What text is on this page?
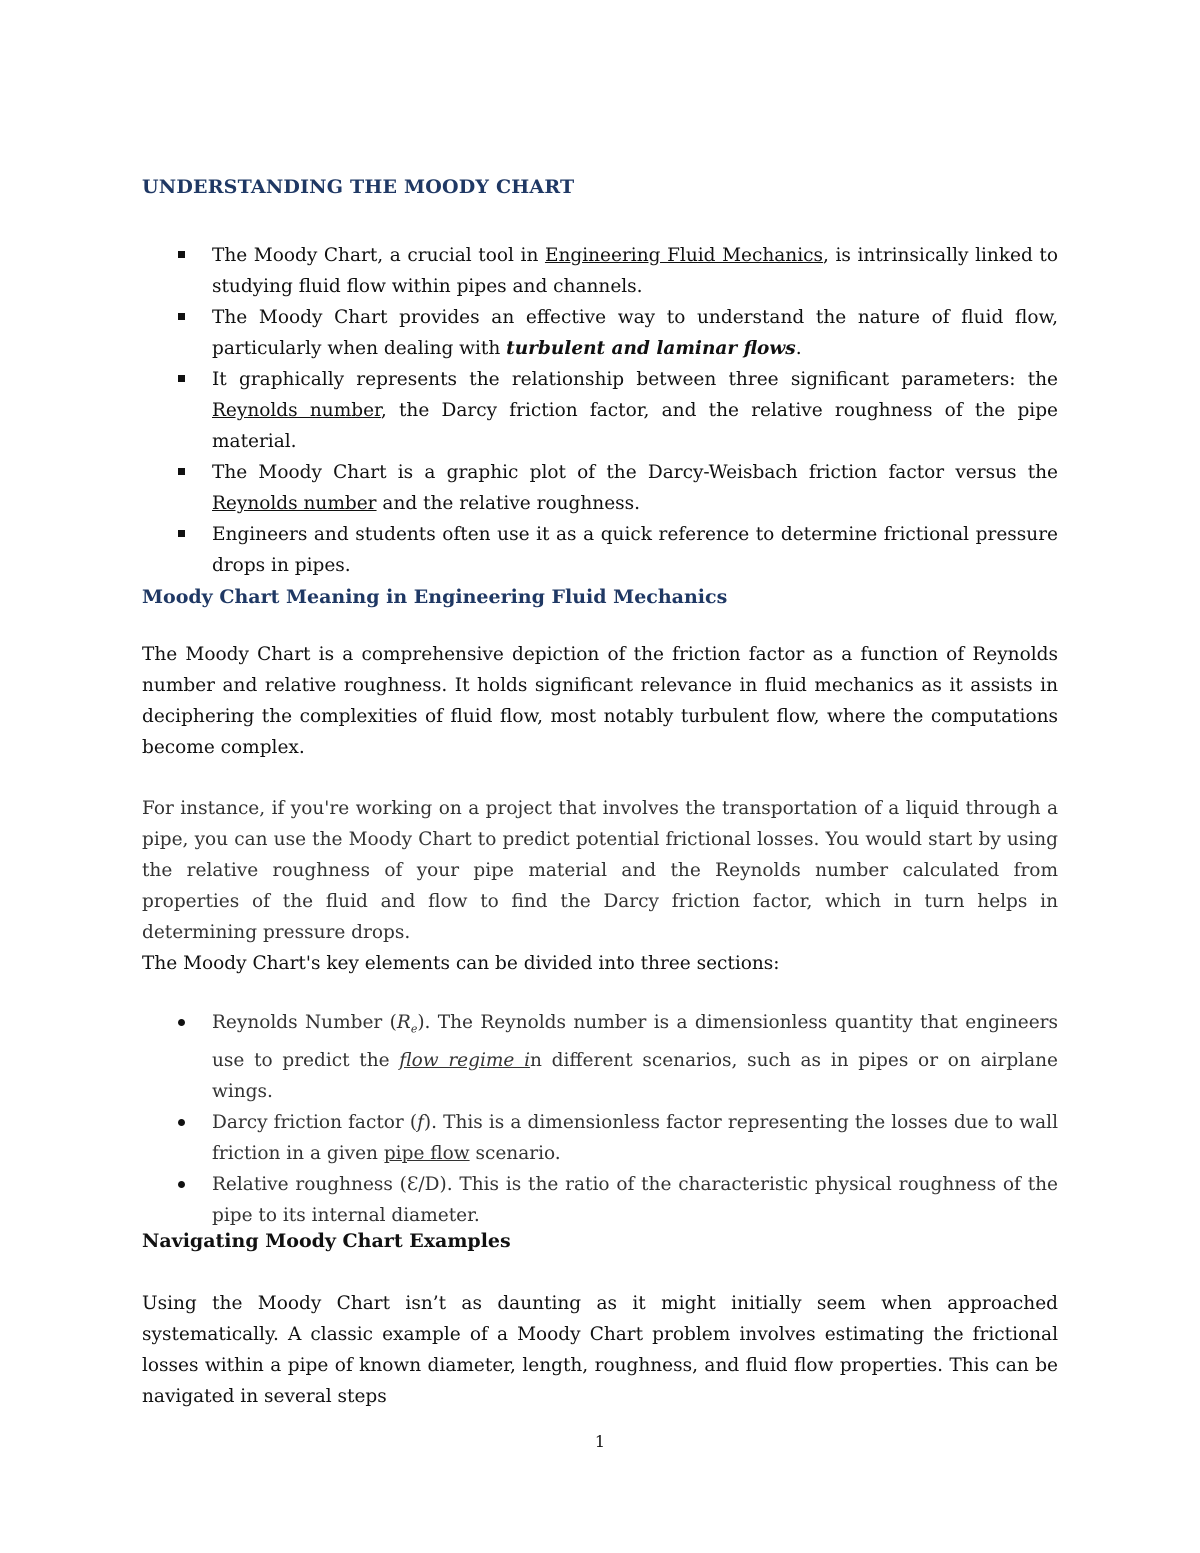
UNDERSTANDING THE MOODY CHART
The Moody Chart, a crucial tool in Engineering Fluid Mechanics, is intrinsically linked to studying fluid flow within pipes and channels.
The Moody Chart provides an effective way to understand the nature of fluid flow, particularly when dealing with turbulent and laminar flows.
It graphically represents the relationship between three significant parameters: the Reynolds number, the Darcy friction factor, and the relative roughness of the pipe material.
The Moody Chart is a graphic plot of the Darcy-Weisbach friction factor versus the Reynolds number and the relative roughness.
Engineers and students often use it as a quick reference to determine frictional pressure drops in pipes.
Moody Chart Meaning in Engineering Fluid Mechanics

The Moody Chart is a comprehensive depiction of the friction factor as a function of Reynolds number and relative roughness. It holds significant relevance in fluid mechanics as it assists in deciphering the complexities of fluid flow, most notably turbulent flow, where the computations become complex.

For instance, if you're working on a project that involves the transportation of a liquid through a pipe, you can use the Moody Chart to predict potential frictional losses. You would start by using the relative roughness of your pipe material and the Reynolds number calculated from properties of the fluid and flow to find the Darcy friction factor, which in turn helps in determining pressure drops.

The Moody Chart's key elements can be divided into three sections:

Reynolds Number $(R_e)$. The Reynolds number is a dimensionless quantity that engineers use to predict the flow regime in different scenarios, such as in pipes or on airplane wings.
Darcy friction factor (f). This is a dimensionless factor representing the losses due to wall friction in a given pipe flow scenario.
Relative roughness (Ɛ/D). This is the ratio of the characteristic physical roughness of the pipe to its internal diameter.
Navigating Moody Chart Examples

Using the Moody Chart isn’t as daunting as it might initially seem when approached systematically. A classic example of a Moody Chart problem involves estimating the frictional losses within a pipe of known diameter, length, roughness, and fluid flow properties. This can be navigated in several steps

1
